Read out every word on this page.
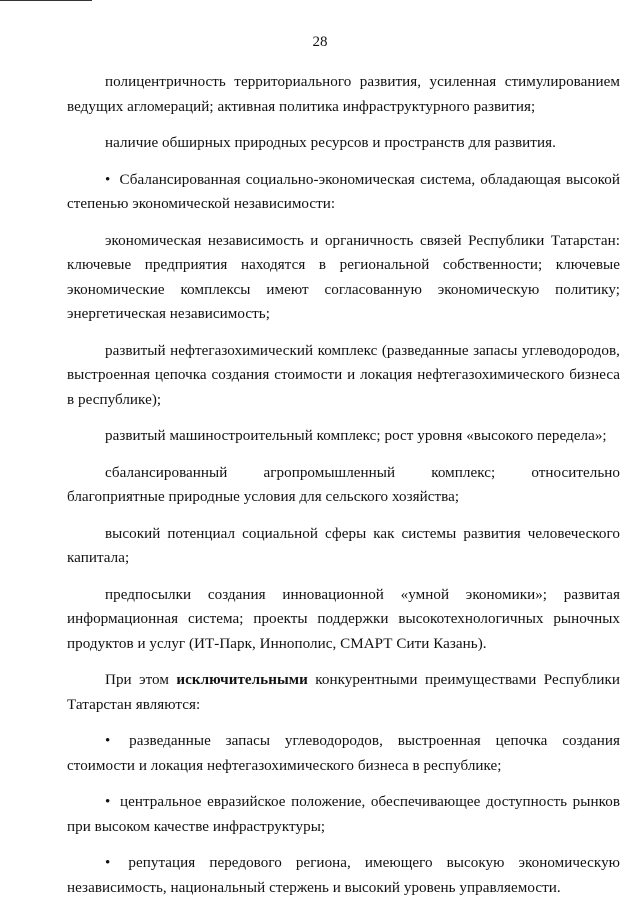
28

полицентричность территориального развития, усиленная стимулированием ведущих агломераций; активная политика инфраструктурного развития;

наличие обширных природных ресурсов и пространств для развития.

• Сбалансированная социально-экономическая система, обладающая высокой степенью экономической независимости:

экономическая независимость и органичность связей Республики Татарстан: ключевые предприятия находятся в региональной собственности; ключевые экономические комплексы имеют согласованную экономическую политику; энергетическая независимость;

развитый нефтегазохимический комплекс (разведанные запасы углеводородов, выстроенная цепочка создания стоимости и локация нефтегазохимического бизнеса в республике);

развитый машиностроительный комплекс; рост уровня «высокого передела»;

сбалансированный агропромышленный комплекс; относительно благоприятные природные условия для сельского хозяйства;

высокий потенциал социальной сферы как системы развития человеческого капитала;

предпосылки создания инновационной «умной экономики»; развитая информационная система; проекты поддержки высокотехнологичных рыночных продуктов и услуг (ИТ-Парк, Иннополис, СМАРТ Сити Казань).

При этом исключительными конкурентными преимуществами Республики Татарстан являются:

• разведанные запасы углеводородов, выстроенная цепочка создания стоимости и локация нефтегазохимического бизнеса в республике;

• центральное евразийское положение, обеспечивающее доступность рынков при высоком качестве инфраструктуры;

• репутация передового региона, имеющего высокую экономическую независимость, национальный стержень и высокий уровень управляемости.
